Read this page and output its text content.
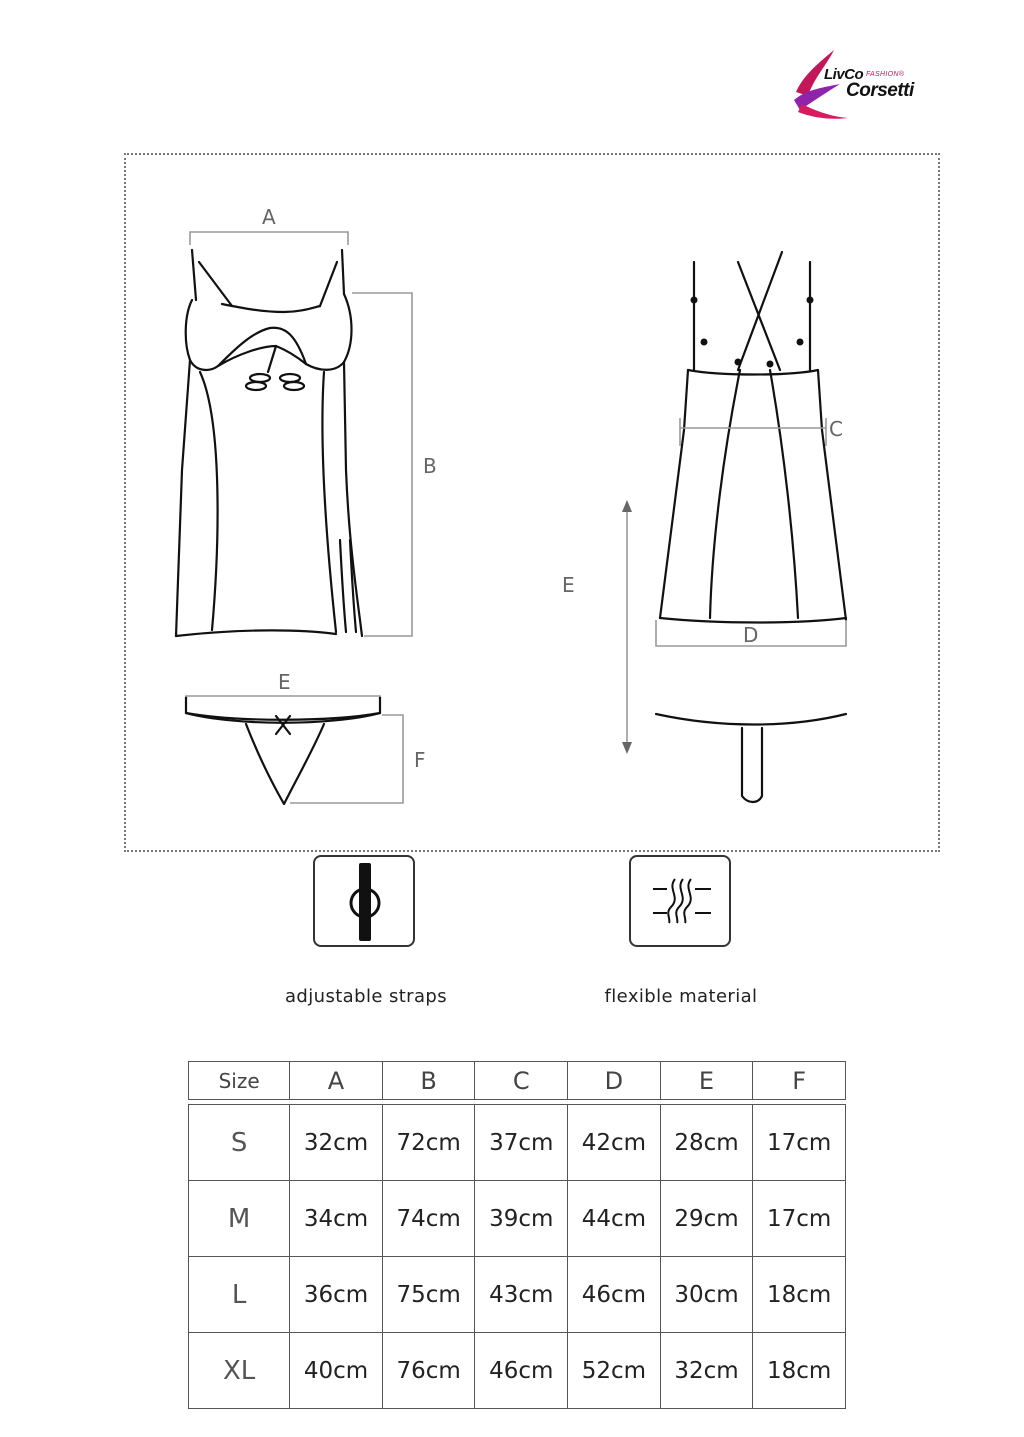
LivCo FASHION®
Corsetti
A
B
E
F
C
D
E
adjustable straps	flexible material
Size	A	B	C	D	E	F

S	32cm	72cm	37cm	42cm	28cm	17cm
M	34cm	74cm	39cm	44cm	29cm	17cm
L	36cm	75cm	43cm	46cm	30cm	18cm
XL	40cm	76cm	46cm	52cm	32cm	18cm
